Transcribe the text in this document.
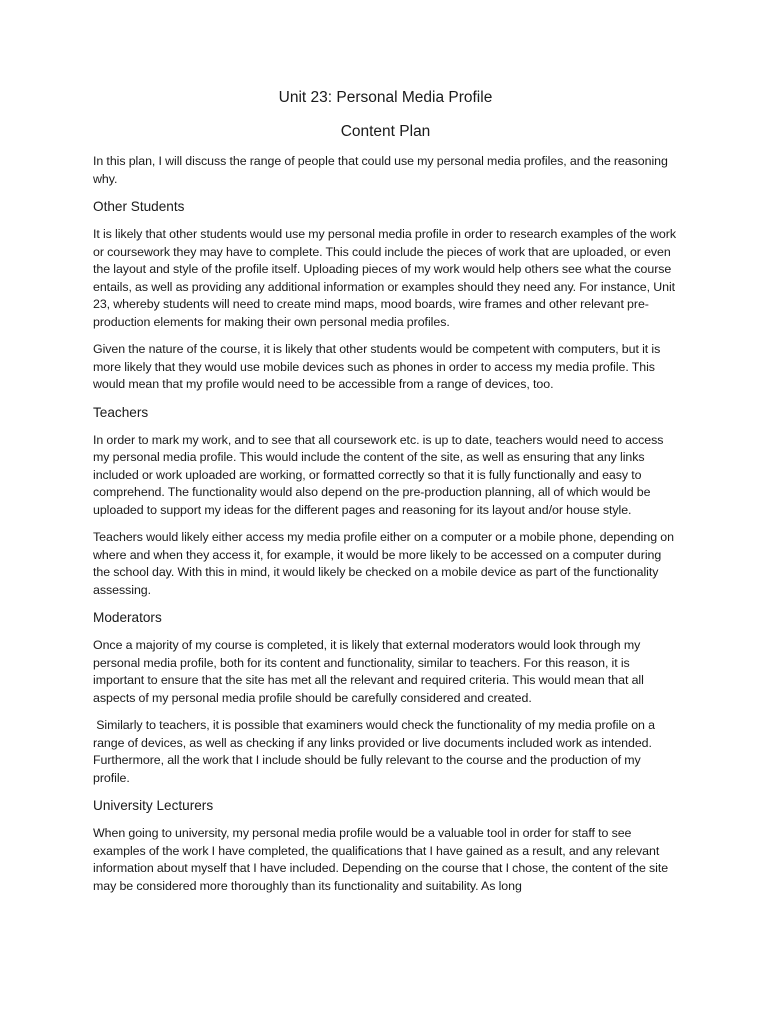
Unit 23: Personal Media Profile
Content Plan

In this plan, I will discuss the range of people that could use my personal media profiles, and the reasoning why.

Other Students

It is likely that other students would use my personal media profile in order to research examples of the work or coursework they may have to complete. This could include the pieces of work that are uploaded, or even the layout and style of the profile itself. Uploading pieces of my work would help others see what the course entails, as well as providing any additional information or examples should they need any. For instance, Unit 23, whereby students will need to create mind maps, mood boards, wire frames and other relevant pre-production elements for making their own personal media profiles.

Given the nature of the course, it is likely that other students would be competent with computers, but it is more likely that they would use mobile devices such as phones in order to access my media profile. This would mean that my profile would need to be accessible from a range of devices, too.

Teachers

In order to mark my work, and to see that all coursework etc. is up to date, teachers would need to access my personal media profile. This would include the content of the site, as well as ensuring that any links included or work uploaded are working, or formatted correctly so that it is fully functionally and easy to comprehend. The functionality would also depend on the pre-production planning, all of which would be uploaded to support my ideas for the different pages and reasoning for its layout and/or house style.

Teachers would likely either access my media profile either on a computer or a mobile phone, depending on where and when they access it, for example, it would be more likely to be accessed on a computer during the school day. With this in mind, it would likely be checked on a mobile device as part of the functionality assessing.

Moderators

Once a majority of my course is completed, it is likely that external moderators would look through my personal media profile, both for its content and functionality, similar to teachers. For this reason, it is important to ensure that the site has met all the relevant and required criteria. This would mean that all aspects of my personal media profile should be carefully considered and created.

Similarly to teachers, it is possible that examiners would check the functionality of my media profile on a range of devices, as well as checking if any links provided or live documents included work as intended. Furthermore, all the work that I include should be fully relevant to the course and the production of my profile.

University Lecturers

When going to university, my personal media profile would be a valuable tool in order for staff to see examples of the work I have completed, the qualifications that I have gained as a result, and any relevant information about myself that I have included. Depending on the course that I chose, the content of the site may be considered more thoroughly than its functionality and suitability. As long
